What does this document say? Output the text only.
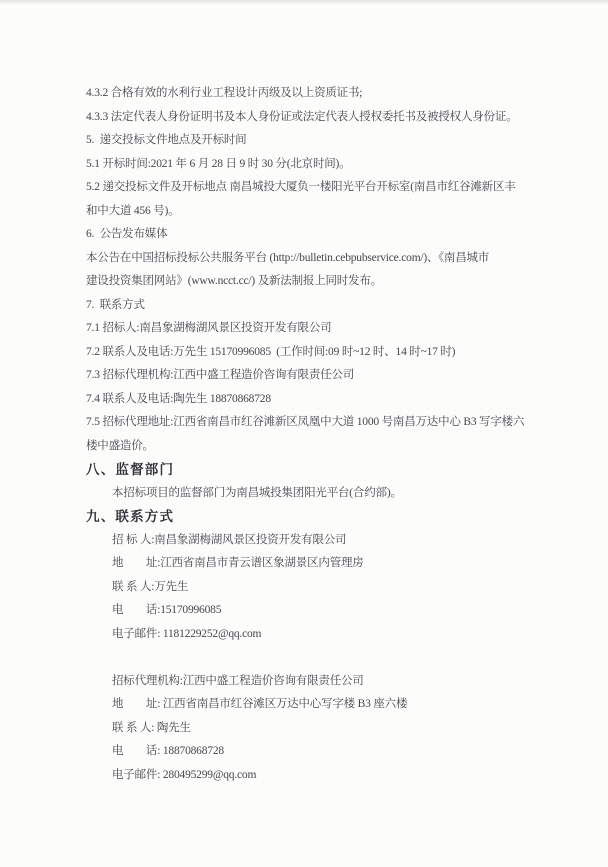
4.3.2 合格有效的水利行业工程设计丙级及以上资质证书;

4.3.3 法定代表人身份证明书及本人身份证或法定代表人授权委托书及被授权人身份证。

5.  递交投标文件地点及开标时间

5.1 开标时间:2021 年 6 月 28 日 9 时 30 分(北京时间)。

5.2 递交投标文件及开标地点 南昌城投大厦负一楼阳光平台开标室(南昌市红谷滩新区丰

和中大道 456 号)。

6.  公告发布媒体

本公告在中国招标投标公共服务平台 (http://bulletin.cebpubservice.com/)、《南昌城市

建设投资集团网站》(www.ncct.cc/) 及新法制报上同时发布。

7.  联系方式

7.1 招标人:南昌象湖梅湖风景区投资开发有限公司

7.2 联系人及电话:万先生 15170996085  (工作时间:09 时~12 时、14 时~17 时)

7.3 招标代理机构:江西中盛工程造价咨询有限责任公司

7.4 联系人及电话:陶先生 18870868728

7.5 招标代理地址:江西省南昌市红谷滩新区凤凰中大道 1000 号南昌万达中心 B3 写字楼六

楼中盛造价。

八、监督部门

本招标项目的监督部门为南昌城投集团阳光平台(合约部)。

九、联系方式

招 标 人:南昌象湖梅湖风景区投资开发有限公司

地　　址:江西省南昌市青云谱区象湖景区内管理房

联 系 人:万先生

电　　话:15170996085

电子邮件: 1181229252@qq.com

招标代理机构:江西中盛工程造价咨询有限责任公司

地　　址: 江西省南昌市红谷滩区万达中心写字楼 B3 座六楼

联 系 人: 陶先生

电　　话: 18870868728

电子邮件: 280495299@qq.com
